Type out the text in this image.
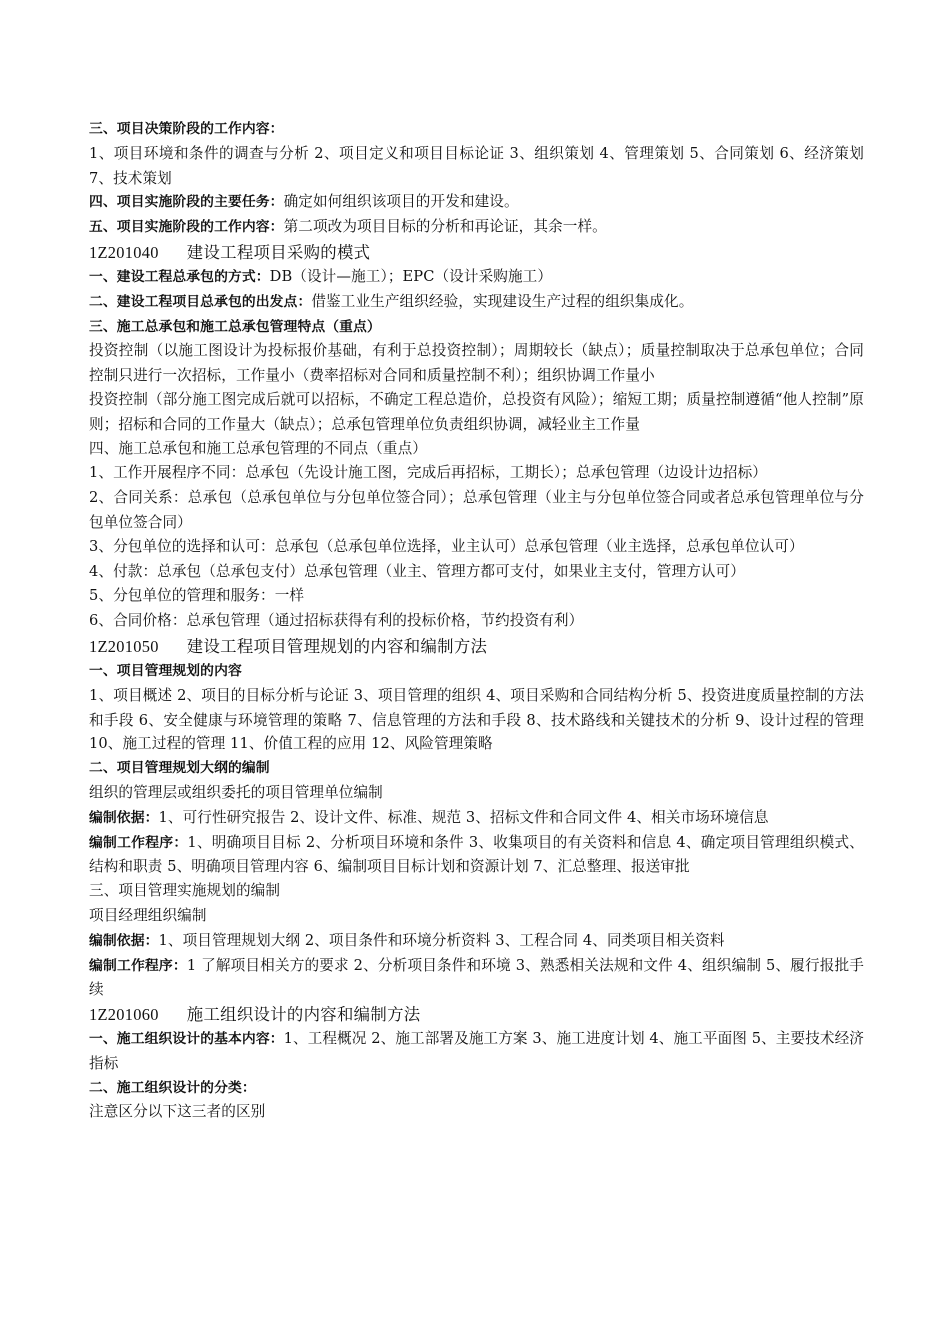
三、项目决策阶段的工作内容：

1、项目环境和条件的调查与分析 2、项目定义和项目目标论证 3、组织策划 4、管理策划 5、合同策划 6、经济策划 7、技术策划

四、项目实施阶段的主要任务：确定如何组织该项目的开发和建设。

五、项目实施阶段的工作内容：第二项改为项目目标的分析和再论证，其余一样。

1Z201040 建设工程项目采购的模式

一、建设工程总承包的方式：DB（设计—施工）；EPC（设计采购施工）

二、建设工程项目总承包的出发点：借鉴工业生产组织经验，实现建设生产过程的组织集成化。

三、施工总承包和施工总承包管理特点（重点）

投资控制（以施工图设计为投标报价基础，有利于总投资控制）；周期较长（缺点）；质量控制取决于总承包单位；合同控制只进行一次招标，工作量小（费率招标对合同和质量控制不利）；组织协调工作量小

投资控制（部分施工图完成后就可以招标，不确定工程总造价，总投资有风险）；缩短工期；质量控制遵循“他人控制”原则；招标和合同的工作量大（缺点）；总承包管理单位负责组织协调，减轻业主工作量

四、施工总承包和施工总承包管理的不同点（重点）

1、工作开展程序不同：总承包（先设计施工图，完成后再招标，工期长）；总承包管理（边设计边招标）

2、合同关系：总承包（总承包单位与分包单位签合同）；总承包管理（业主与分包单位签合同或者总承包管理单位与分包单位签合同）

3、分包单位的选择和认可：总承包（总承包单位选择，业主认可）总承包管理（业主选择，总承包单位认可）

4、付款：总承包（总承包支付）总承包管理（业主、管理方都可支付，如果业主支付，管理方认可）

5、分包单位的管理和服务：一样

6、合同价格：总承包管理（通过招标获得有利的投标价格，节约投资有利）

1Z201050 建设工程项目管理规划的内容和编制方法

一、项目管理规划的内容

1、项目概述 2、项目的目标分析与论证 3、项目管理的组织 4、项目采购和合同结构分析 5、投资进度质量控制的方法和手段 6、安全健康与环境管理的策略 7、信息管理的方法和手段 8、技术路线和关键技术的分析 9、设计过程的管理 10、施工过程的管理 11、价值工程的应用 12、风险管理策略

二、项目管理规划大纲的编制

组织的管理层或组织委托的项目管理单位编制

编制依据：1、可行性研究报告 2、设计文件、标准、规范 3、招标文件和合同文件 4、相关市场环境信息

编制工作程序：1、明确项目目标 2、分析项目环境和条件 3、收集项目的有关资料和信息 4、确定项目管理组织模式、结构和职责 5、明确项目管理内容 6、编制项目目标计划和资源计划 7、汇总整理、报送审批

三、项目管理实施规划的编制

项目经理组织编制

编制依据：1、项目管理规划大纲 2、项目条件和环境分析资料 3、工程合同 4、同类项目相关资料

编制工作程序：1 了解项目相关方的要求 2、分析项目条件和环境 3、熟悉相关法规和文件 4、组织编制 5、履行报批手续

1Z201060 施工组织设计的内容和编制方法

一、施工组织设计的基本内容：1、工程概况 2、施工部署及施工方案 3、施工进度计划 4、施工平面图 5、主要技术经济指标

二、施工组织设计的分类：

注意区分以下这三者的区别
